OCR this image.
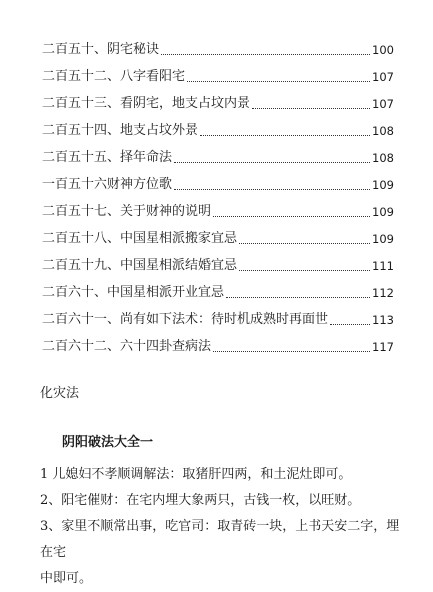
二百五十、阴宅秘诀	100
二百五十二、八字看阳宅	107
二百五十三、看阴宅，地支占坟内景	107
二百五十四、地支占坟外景	108
二百五十五、择年命法	108
一百五十六财神方位歌	109
二百五十七、关于财神的说明	109
二百五十八、中国星相派搬家宜忌	109
二百五十九、中国星相派结婚宜忌	111
二百六十、中国星相派开业宜忌	112
二百六十一、尚有如下法术：待时机成熟时再面世	113
二百六十二、六十四卦查病法	117
化灾法
阴阳破法大全一
1 儿媳妇不孝顺调解法：取猪肝四两，和土泥灶即可。
2、阳宅催财：在宅内埋大象两只，古钱一枚，以旺财。
3、家里不顺常出事，吃官司：取青砖一块，上书天安二字，埋在宅
中即可。
